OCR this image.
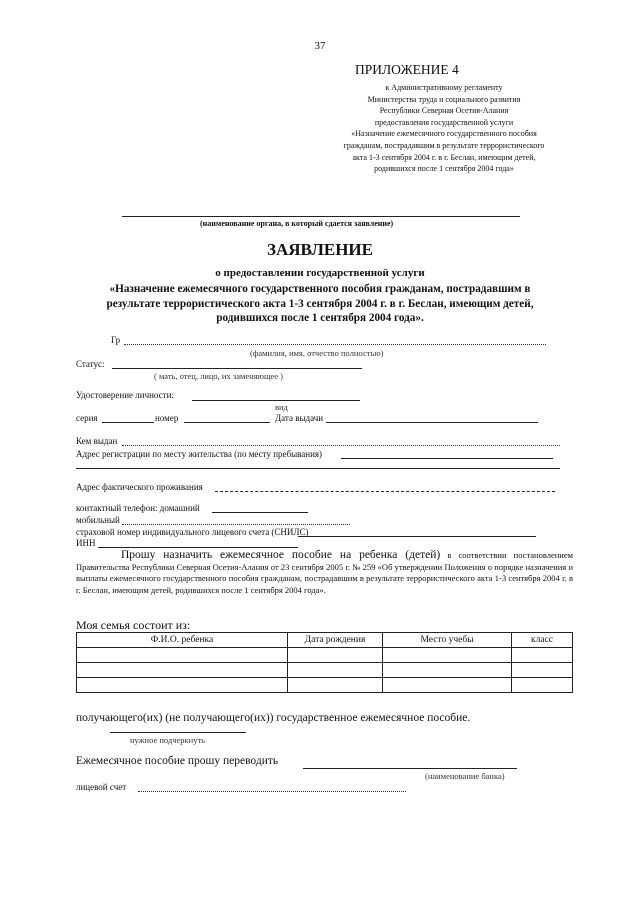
37
ПРИЛОЖЕНИЕ 4
к Административному регламенту
Министерства труда и социального развития
Республики Северная Осетия-Алания
предоставления государственной услуги
«Назначение ежемесячного государственного пособия
гражданам, пострадавшим в результате террористического
акта 1-3 сентября 2004 г. в г. Беслан, имеющим детей,
родившихся после 1 сентября 2004 года»
(наименование органа, в который сдается заявление)
ЗАЯВЛЕНИЕ
о предоставлении государственной услуги
«Назначение ежемесячного государственного пособия гражданам, пострадавшим в
результате террористического акта 1-3 сентября 2004 г. в г. Беслан, имеющим детей,
родившихся после 1 сентября 2004 года».
Гр
(фамилия, имя, отчество полностью)
Статус:
( мать, отец, лицо, их заменяющее )
Удостоверение личности:
вид
серия	номер	Дата выдачи
Кем выдан
Адрес регистрации по месту жительства (по месту пребывания)
Адрес фактического проживания
контактный телефон: домашний
мобильный
страховой номер индивидуального лицевого счета (СНИЛС)
ИНН
Прошу назначить ежемесячное пособие на ребенка (детей) в соответствии постановлением Правительства Республики Северная Осетия-Алания от 23 сентября 2005 г. № 259 «Об утверждении Положения о порядке назначения и выплаты ежемесячного государственного пособия гражданам, пострадавшим в результате террористического акта 1-3 сентября 2004 г. в г. Беслан, имеющим детей, родившихся после 1 сентября 2004 года».
Моя семья состоит из:
Ф.И.О. ребенка	Дата рождения	Место учебы	класс

получающего(их) (не получающего(их)) государственное ежемесячное пособие.
нужное подчеркнуть
Ежемесячное пособие прошу переводить
(наименование банка)
лицевой счет
